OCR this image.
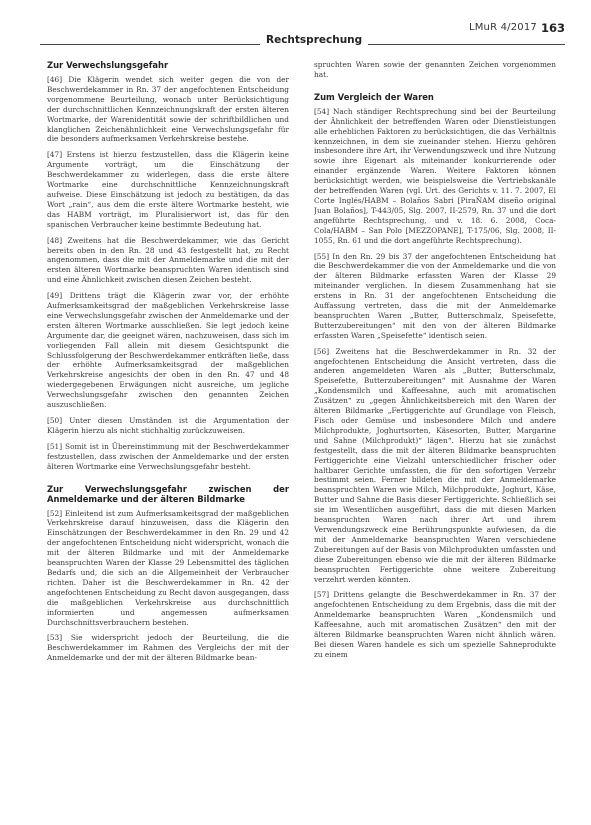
LMuR 4/2017 163
Rechtsprechung
Zur Verwechslungsgefahr

[46] Die Klägerin wendet sich weiter gegen die von der Beschwerdekammer in Rn. 37 der angefochtenen Entscheidung vorgenommene Beurteilung, wonach unter Berücksichtigung der durchschnittlichen Kennzeichnungskraft der ersten älteren Wortmarke, der Warenidentität sowie der schriftbildlichen und klanglichen Zeichenähnlichkeit eine Verwechslungsgefahr für die besonders aufmerksamen Verkehrskreise bestehe.

[47] Erstens ist hierzu festzustellen, dass die Klägerin keine Argumente vorträgt, um die Einschätzung der Beschwerdekammer zu widerlegen, dass die erste ältere Wortmarke eine durchschnittliche Kennzeichnungskraft aufweise. Diese Einschätzung ist jedoch zu bestätigen, da das Wort „rain“, aus dem die erste ältere Wortmarke besteht, wie das HABM vorträgt, im Pluralisierwort ist, das für den spanischen Verbraucher keine bestimmte Bedeutung hat.

[48] Zweitens hat die Beschwerdekammer, wie das Gericht bereits oben in den Rn. 28 und 43 festgestellt hat, zu Recht angenommen, dass die mit der Anmeldemarke und die mit der ersten älteren Wortmarke beanspruchten Waren identisch sind und eine Ähnlichkeit zwischen diesen Zeichen besteht.

[49] Drittens trägt die Klägerin zwar vor, der erhöhte Aufmerksamkeitsgrad der maßgeblichen Verkehrskreise lasse eine Verwechslungsgefahr zwischen der Anmeldemarke und der ersten älteren Wortmarke ausschließen. Sie legt jedoch keine Argumente dar, die geeignet wären, nachzuweisen, dass sich im vorliegenden Fall allein mit diesem Gesichtspunkt die Schlussfolgerung der Beschwerdekammer entkräften ließe, dass der erhöhte Aufmerksamkeitsgrad der maßgeblichen Verkehrskreise angesichts der oben in den Rn. 47 und 48 wiedergegebenen Erwägungen nicht ausreiche, um jegliche Verwechslungsgefahr zwischen den genannten Zeichen auszuschließen.

[50] Unter diesen Umständen ist die Argumentation der Klägerin hierzu als nicht stichhaltig zurückzuweisen.

[51] Somit ist in Übereinstimmung mit der Beschwerdekammer festzustellen, dass zwischen der Anmeldemarke und der ersten älteren Wortmarke eine Verwechslungsgefahr besteht.

Zur Verwechslungsgefahr zwischen der Anmeldemarke und der älteren Bildmarke

[52] Einleitend ist zum Aufmerksamkeitsgrad der maßgeblichen Verkehrskreise darauf hinzuweisen, dass die Klägerin den Einschätzungen der Beschwerdekammer in den Rn. 29 und 42 der angefochtenen Entscheidung nicht widerspricht, wonach die mit der älteren Bildmarke und mit der Anmeldemarke beanspruchten Waren der Klasse 29 Lebensmittel des täglichen Bedarfs und, die sich an die Allgemeinheit der Verbraucher richten. Daher ist die Beschwerdekammer in Rn. 42 der angefochtenen Entscheidung zu Recht davon ausgegangen, dass die maßgeblichen Verkehrskreise aus durchschnittlich informierten und angemessen aufmerksamen Durchschnittsverbrauchern bestehen.

[53] Sie widerspricht jedoch der Beurteilung, die die Beschwerdekammer im Rahmen des Vergleichs der mit der Anmeldemarke und der mit der älteren Bildmarke bean-

spruchten Waren sowie der genannten Zeichen vorgenommen hat.

Zum Vergleich der Waren

[54] Nach ständiger Rechtsprechung sind bei der Beurteilung der Ähnlichkeit der betreffenden Waren oder Dienstleistungen alle erheblichen Faktoren zu berücksichtigen, die das Verhältnis kennzeichnen, in dem sie zueinander stehen. Hierzu gehören insbesondere ihre Art, ihr Verwendungszweck und ihre Nutzung sowie ihre Eigenart als miteinander konkurrierende oder einander ergänzende Waren. Weitere Faktoren können berücksichtigt werden, wie beispielsweise die Vertriebskanäle der betreffenden Waren (vgl. Urt. des Gerichts v. 11. 7. 2007, El Corte Inglés/HABM – Bolaños Sabri [PiraÑAM diseño original Juan Bolaños], T-443/05, Slg. 2007, II-2579, Rn. 37 und die dort angeführte Rechtsprechung, und v. 18. 6. 2008, Coca-Cola/HABM – San Polo [MEZZOPANE], T-175/06, Slg. 2008, II-1055, Rn. 61 und die dort angeführte Rechtsprechung).

[55] In den Rn. 29 bis 37 der angefochtenen Entscheidung hat die Beschwerdekammer die von der Anmeldemarke und die von der älteren Bildmarke erfassten Waren der Klasse 29 miteinander verglichen. In diesem Zusammenhang hat sie erstens in Rn. 31 der angefochtenen Entscheidung die Auffassung vertreten, dass die mit der Anmeldemarke beanspruchten Waren „Butter, Butterschmalz, Speisefette, Butterzubereitungen“ mit den von der älteren Bildmarke erfassten Waren „Speisefette“ identisch seien.

[56] Zweitens hat die Beschwerdekammer in Rn. 32 der angefochtenen Entscheidung die Ansicht vertreten, dass die anderen angemeldeten Waren als „Butter, Butterschmalz, Speisefette, Butterzubereitungen“ mit Ausnahme der Waren „Kondensmilch und Kaffeesahne, auch mit aromatischen Zusätzen“ zu „gegen Ähnlichkeitsbereich mit den Waren der älteren Bildmarke „Fertiggerichte auf Grundlage von Fleisch, Fisch oder Gemüse und insbesondere Milch und andere Milchprodukte, Joghurtsorten, Käsesorten, Butter, Margarine und Sahne (Milchprodukt)“ lägen“. Hierzu hat sie zunächst festgestellt, dass die mit der älteren Bildmarke beanspruchten Fertiggerichte eine Vielzahl unterschiedlicher frischer oder haltbarer Gerichte umfassten, die für den sofortigen Verzehr bestimmt seien. Ferner bildeten die mit der Anmeldemarke beanspruchten Waren wie Milch, Milchprodukte, Joghurt, Käse, Butter und Sahne die Basis dieser Fertiggerichte. Schließlich sei sie im Wesentlichen ausgeführt, dass die mit diesen Marken beanspruchten Waren nach ihrer Art und ihrem Verwendungszweck eine Berührungspunkte aufwiesen, da die mit der Anmeldemarke beanspruchten Waren verschiedene Zubereitungen auf der Basis von Milchprodukten umfassten und diese Zubereitungen ebenso wie die mit der älteren Bildmarke beanspruchten Fertiggerichte ohne weitere Zubereitung verzehrt werden könnten.

[57] Drittens gelangte die Beschwerdekammer in Rn. 37 der angefochtenen Entscheidung zu dem Ergebnis, dass die mit der Anmeldemarke beanspruchten Waren „Kondensmilch und Kaffeesahne, auch mit aromatischen Zusätzen“ den mit der älteren Bildmarke beanspruchten Waren nicht ähnlich wären. Bei diesen Waren handele es sich um spezielle Sahneprodukte zu einem
